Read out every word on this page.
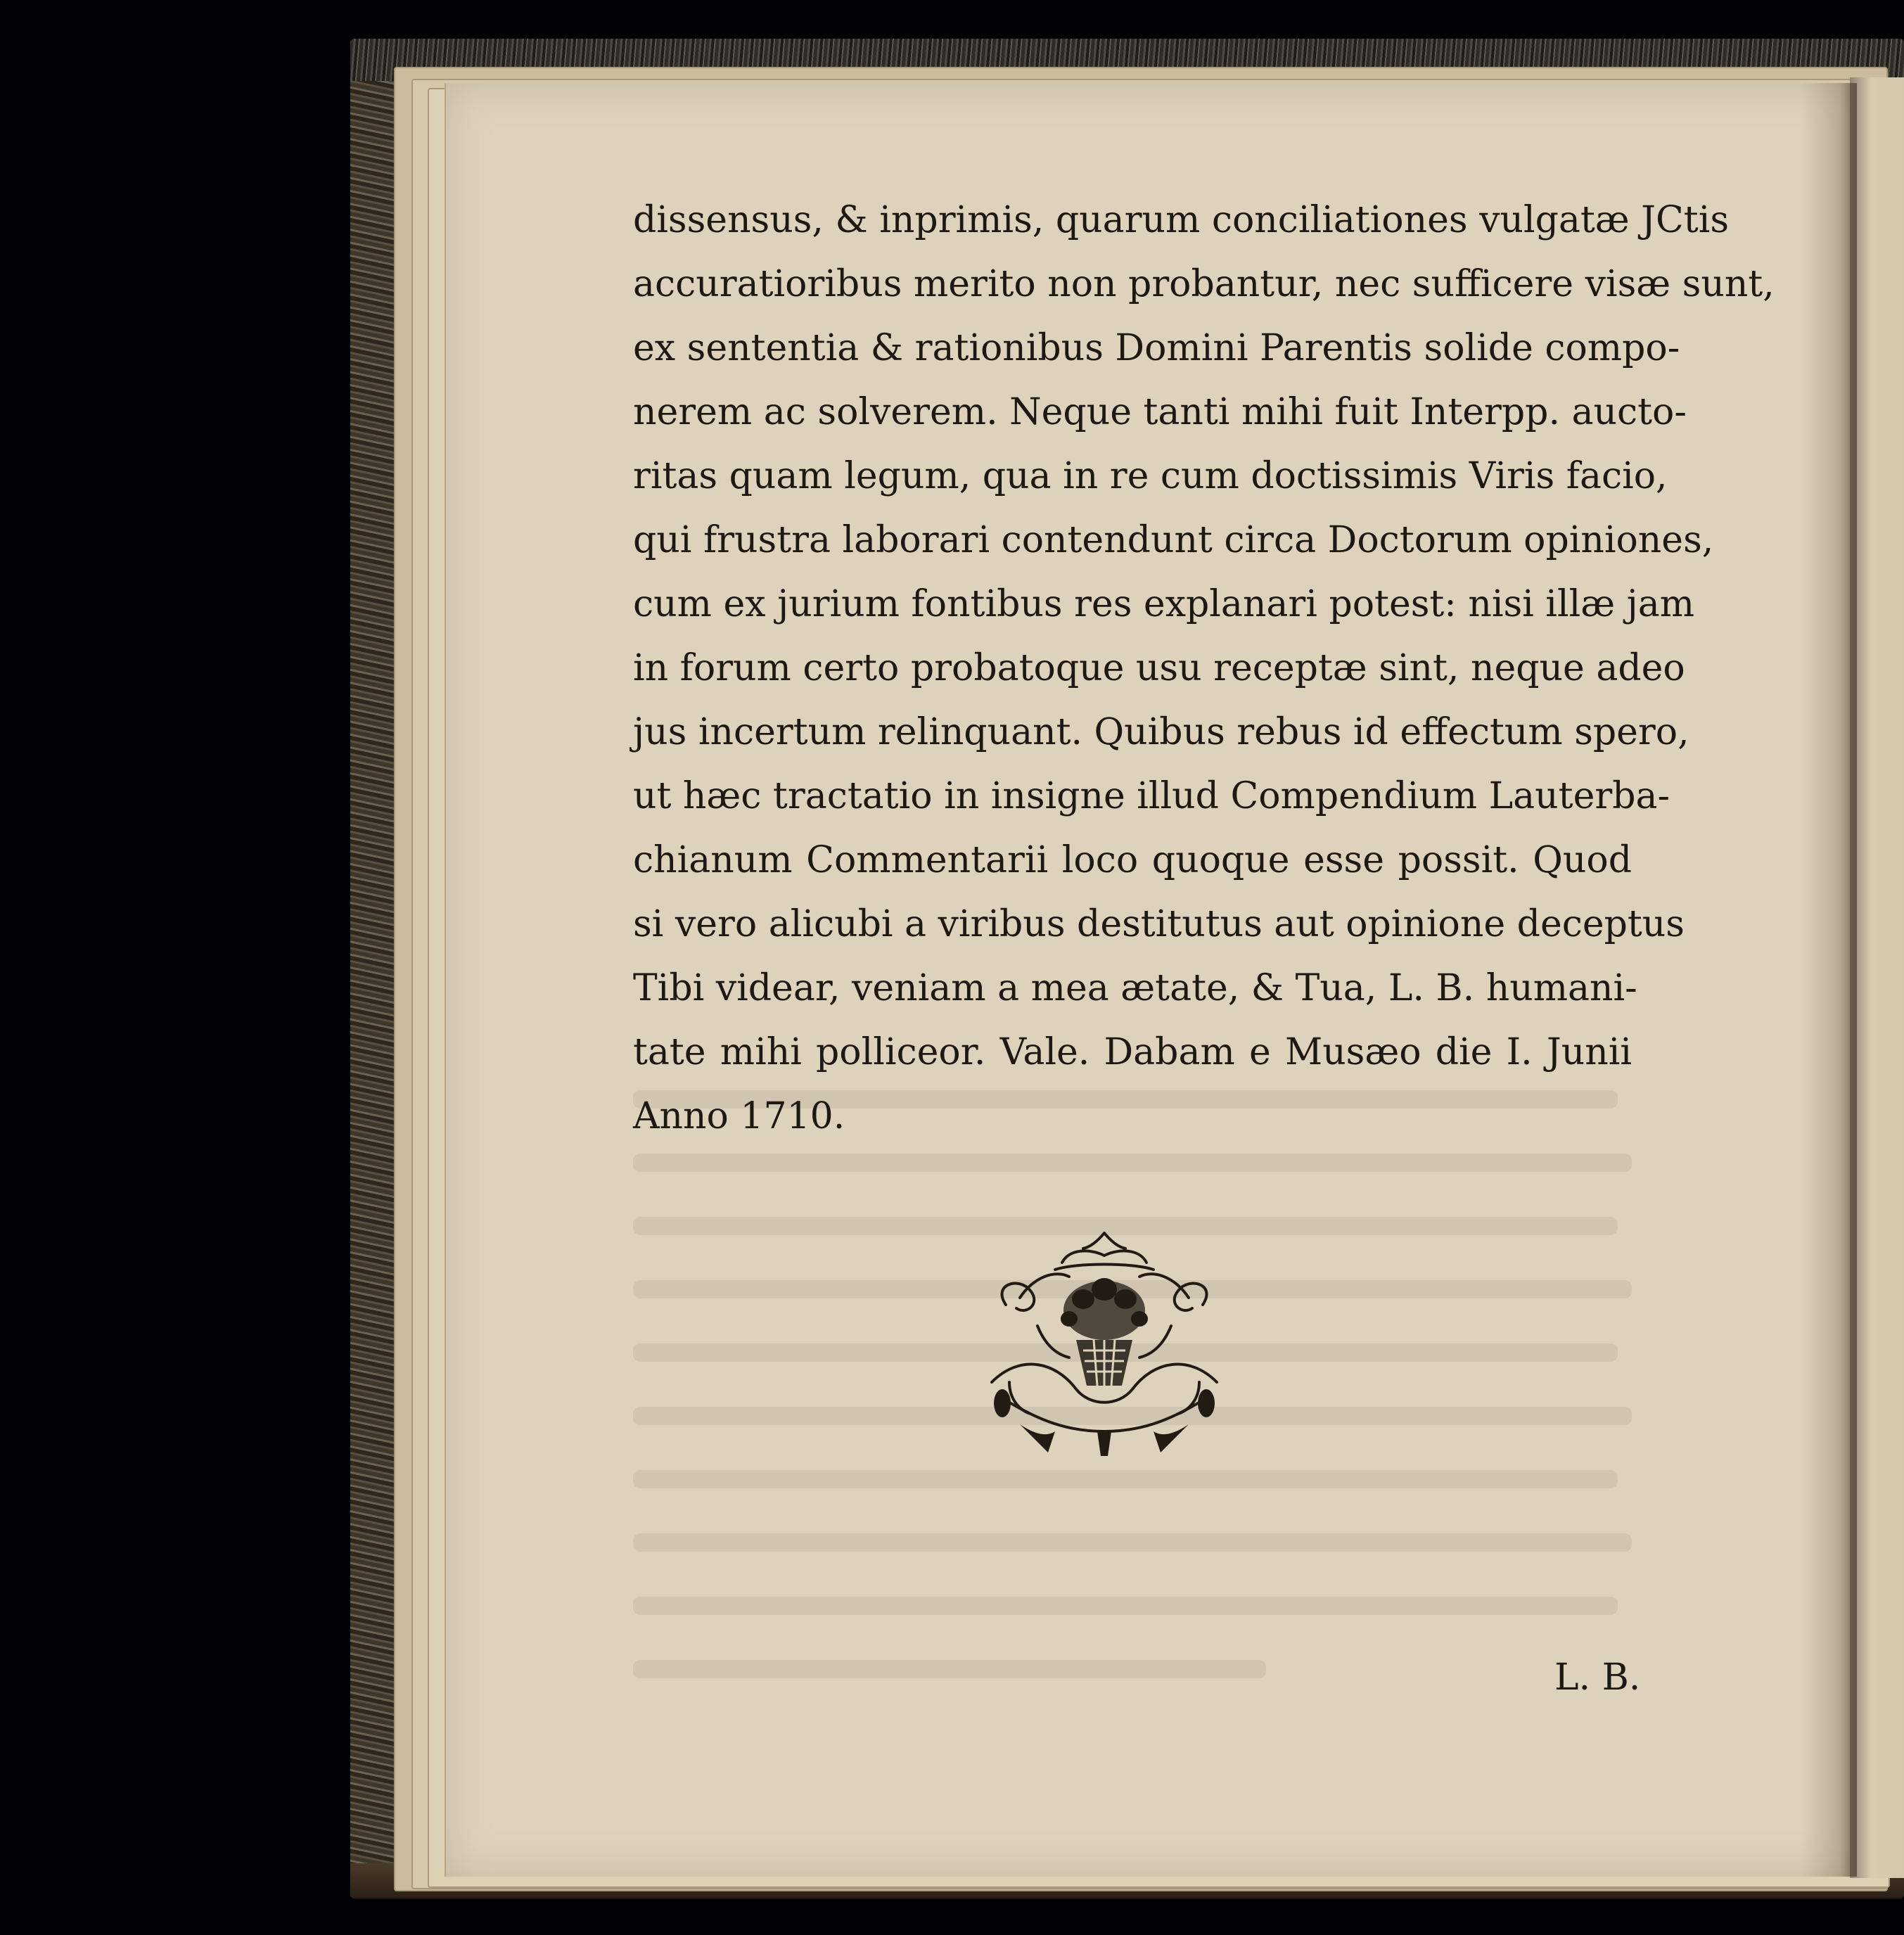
dissensus, & inprimis, quarum conciliationes vulgatæ JCtis
accuratioribus merito non probantur, nec sufficere visæ sunt,
ex sententia & rationibus Domini Parentis solide compo-
nerem ac solverem. Neque tanti mihi fuit Interpp. aucto-
ritas quam legum, qua in re cum doctissimis Viris facio,
qui frustra laborari contendunt circa Doctorum opiniones,
cum ex jurium fontibus res explanari potest: nisi illæ jam
in forum certo probatoque usu receptæ sint, neque adeo
jus incertum relinquant. Quibus rebus id effectum spero,
ut hæc tractatio in insigne illud Compendium Lauterba-
chianum Commentarii loco quoque esse possit. Quod
si vero alicubi a viribus destitutus aut opinione deceptus
Tibi videar, veniam a mea ætate, & Tua, L. B. humani-
tate mihi polliceor. Vale. Dabam e Musæo die I. Junii
Anno 1710.
L. B.
